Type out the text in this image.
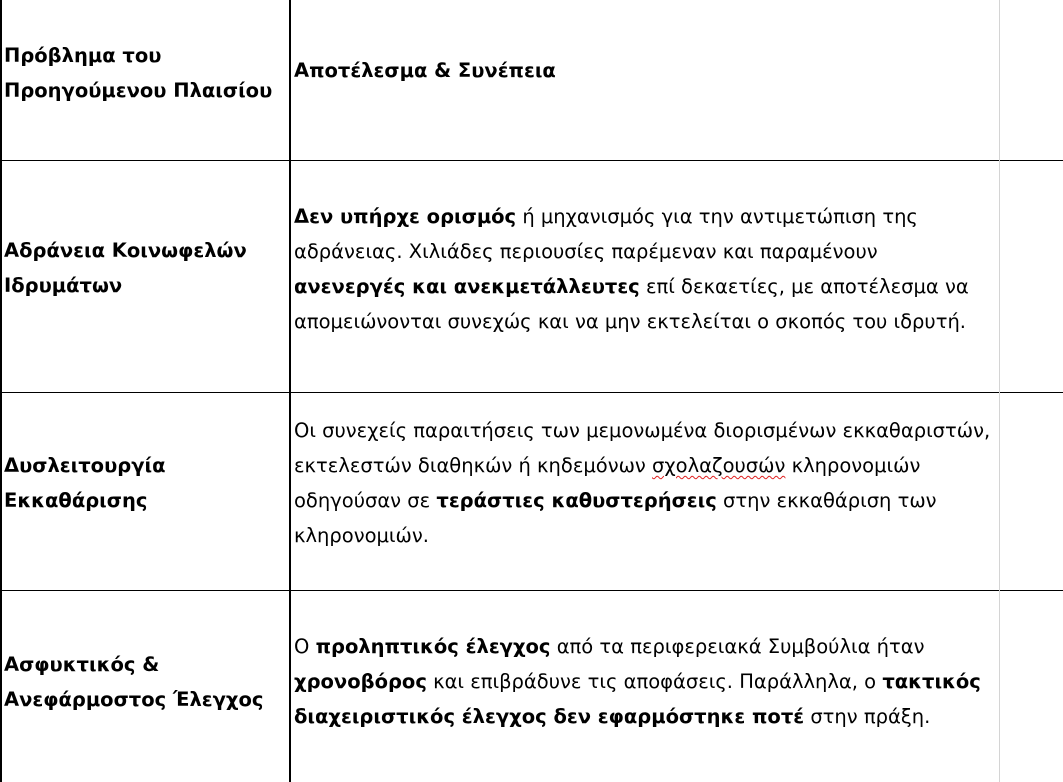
Πρόβλημα του
Προηγούμενου Πλαισίου
Αποτέλεσμα & Συνέπεια
Αδράνεια Κοινωφελών
Ιδρυμάτων
Δεν υπήρχε ορισμός ή μηχανισμός για την αντιμετώπιση της
αδράνειας. Χιλιάδες περιουσίες παρέμεναν και παραμένουν
ανενεργές και ανεκμετάλλευτες επί δεκαετίες, με αποτέλεσμα να
απομειώνονται συνεχώς και να μην εκτελείται ο σκοπός του ιδρυτή.
Δυσλειτουργία
Εκκαθάρισης
Οι συνεχείς παραιτήσεις των μεμονωμένα διορισμένων εκκαθαριστών,
εκτελεστών διαθηκών ή κηδεμόνων σχολαζουσών κληρονομιών
οδηγούσαν σε τεράστιες καθυστερήσεις στην εκκαθάριση των
κληρονομιών.
Ασφυκτικός &
Ανεφάρμοστος Έλεγχος
Ο προληπτικός έλεγχος από τα περιφερειακά Συμβούλια ήταν
χρονοβόρος και επιβράδυνε τις αποφάσεις. Παράλληλα, ο τακτικός
διαχειριστικός έλεγχος δεν εφαρμόστηκε ποτέ στην πράξη.
